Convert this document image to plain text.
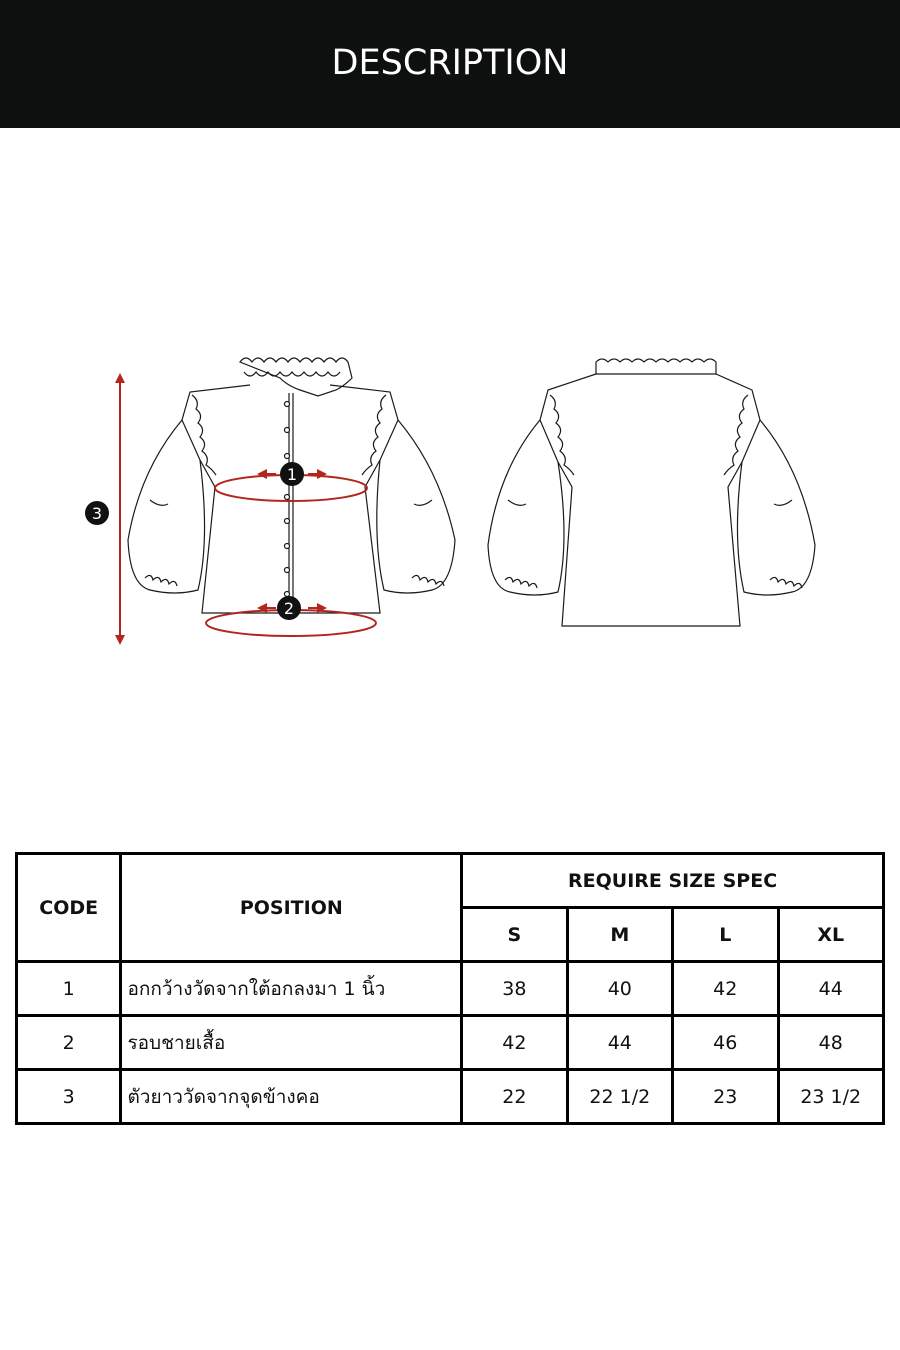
DESCRIPTION
1
2
3
CODE	POSITION	REQUIRE SIZE SPEC			
		S	M	L	XL
1	อกกว้างวัดจากใต้อกลงมา 1 นิ้ว	38	40	42	44
2	รอบชายเสื้อ	42	44	46	48
3	ตัวยาววัดจากจุดข้างคอ	22	22 1/2	23	23 1/2
